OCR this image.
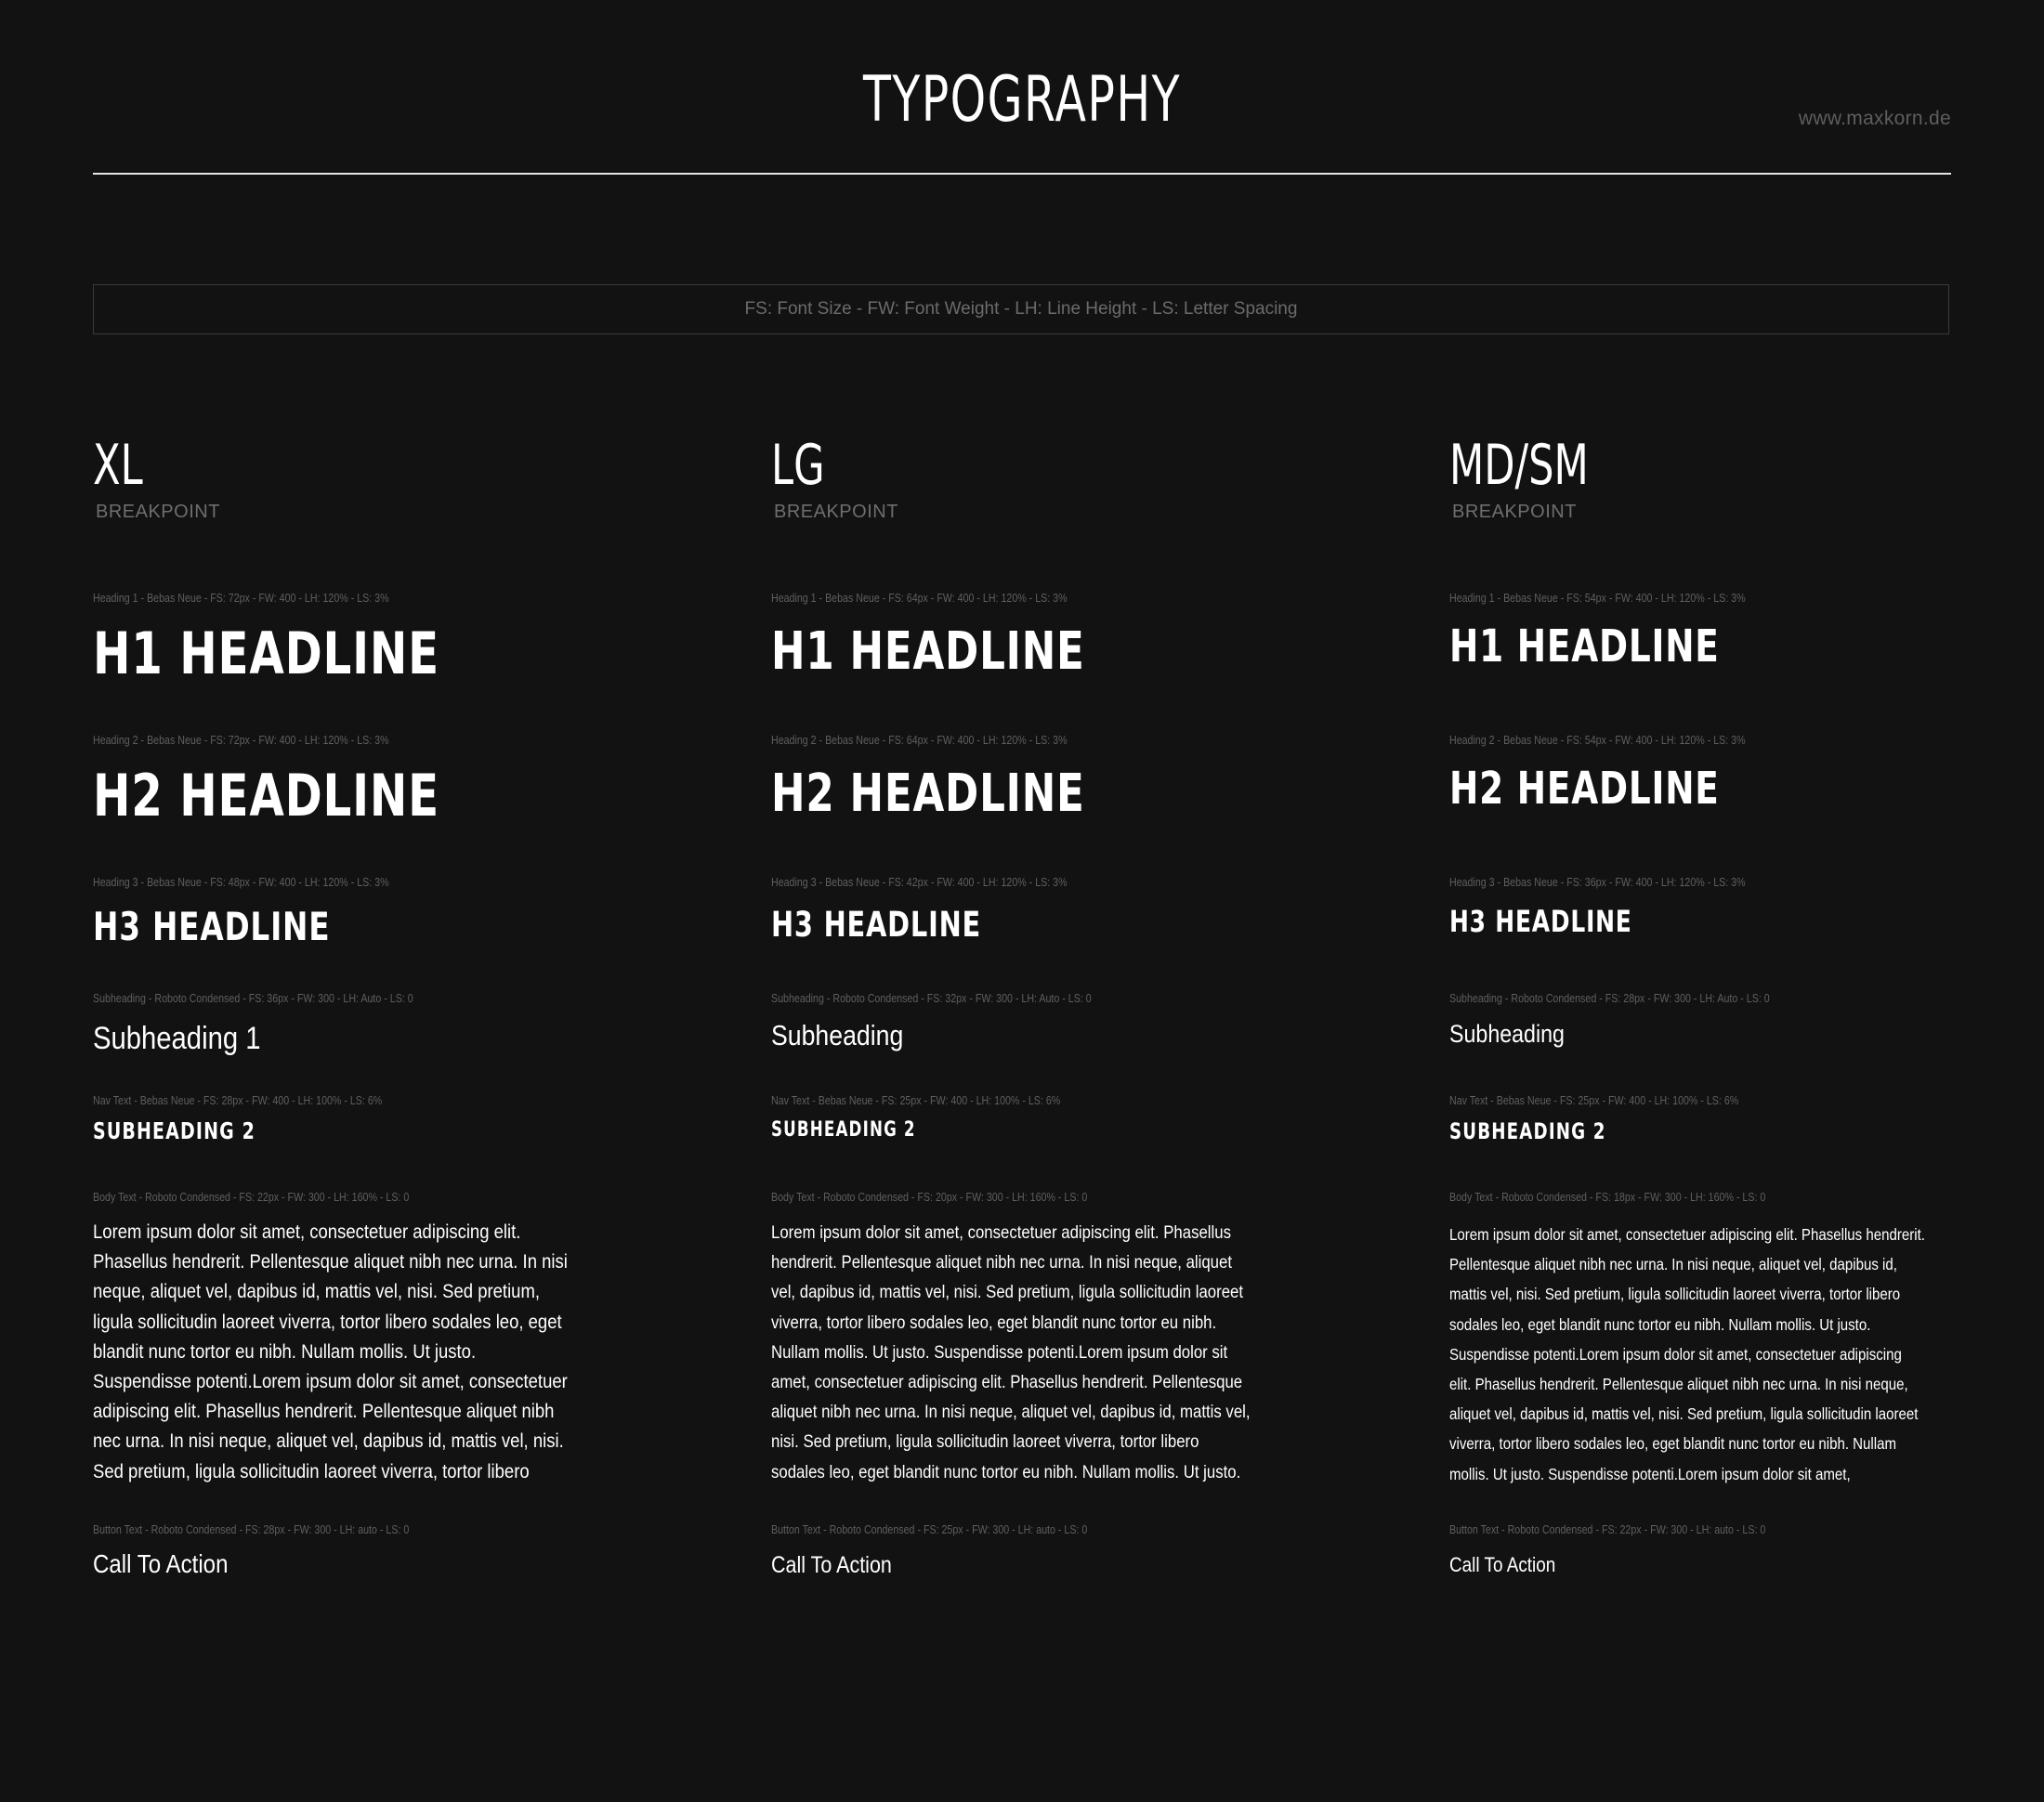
TYPOGRAPHY	www.maxkorn.de
FS: Font Size - FW: Font Weight - LH: Line Height - LS: Letter Spacing
XL
BREAKPOINT
Heading 1 - Bebas Neue - FS: 72px - FW: 400 - LH: 120% - LS: 3%
H1 HEADLINE
Heading 2 - Bebas Neue - FS: 72px - FW: 400 - LH: 120% - LS: 3%
H2 HEADLINE
Heading 3 - Bebas Neue - FS: 48px - FW: 400 - LH: 120% - LS: 3%
H3 HEADLINE
Subheading - Roboto Condensed - FS: 36px - FW: 300 - LH: Auto - LS: 0
Subheading 1
Nav Text - Bebas Neue - FS: 28px - FW: 400 - LH: 100% - LS: 6%
SUBHEADING 2
Body Text - Roboto Condensed - FS: 22px - FW: 300 - LH: 160% - LS: 0
Lorem ipsum dolor sit amet, consectetuer adipiscing elit.
Phasellus hendrerit. Pellentesque aliquet nibh nec urna. In nisi
neque, aliquet vel, dapibus id, mattis vel, nisi. Sed pretium,
ligula sollicitudin laoreet viverra, tortor libero sodales leo, eget
blandit nunc tortor eu nibh. Nullam mollis. Ut justo.
Suspendisse potenti.Lorem ipsum dolor sit amet, consectetuer
adipiscing elit. Phasellus hendrerit. Pellentesque aliquet nibh
nec urna. In nisi neque, aliquet vel, dapibus id, mattis vel, nisi.
Sed pretium, ligula sollicitudin laoreet viverra, tortor libero
Button Text - Roboto Condensed - FS: 28px - FW: 300 - LH: auto - LS: 0
Call To Action
LG
BREAKPOINT
Heading 1 - Bebas Neue - FS: 64px - FW: 400 - LH: 120% - LS: 3%
H1 HEADLINE
Heading 2 - Bebas Neue - FS: 64px - FW: 400 - LH: 120% - LS: 3%
H2 HEADLINE
Heading 3 - Bebas Neue - FS: 42px - FW: 400 - LH: 120% - LS: 3%
H3 HEADLINE
Subheading - Roboto Condensed - FS: 32px - FW: 300 - LH: Auto - LS: 0
Subheading
Nav Text - Bebas Neue - FS: 25px - FW: 400 - LH: 100% - LS: 6%
SUBHEADING 2
Body Text - Roboto Condensed - FS: 20px - FW: 300 - LH: 160% - LS: 0
Lorem ipsum dolor sit amet, consectetuer adipiscing elit. Phasellus
hendrerit. Pellentesque aliquet nibh nec urna. In nisi neque, aliquet
vel, dapibus id, mattis vel, nisi. Sed pretium, ligula sollicitudin laoreet
viverra, tortor libero sodales leo, eget blandit nunc tortor eu nibh.
Nullam mollis. Ut justo. Suspendisse potenti.Lorem ipsum dolor sit
amet, consectetuer adipiscing elit. Phasellus hendrerit. Pellentesque
aliquet nibh nec urna. In nisi neque, aliquet vel, dapibus id, mattis vel,
nisi. Sed pretium, ligula sollicitudin laoreet viverra, tortor libero
sodales leo, eget blandit nunc tortor eu nibh. Nullam mollis. Ut justo.
Button Text - Roboto Condensed - FS: 25px - FW: 300 - LH: auto - LS: 0
Call To Action
MD/SM
BREAKPOINT
Heading 1 - Bebas Neue - FS: 54px - FW: 400 - LH: 120% - LS: 3%
H1 HEADLINE
Heading 2 - Bebas Neue - FS: 54px - FW: 400 - LH: 120% - LS: 3%
H2 HEADLINE
Heading 3 - Bebas Neue - FS: 36px - FW: 400 - LH: 120% - LS: 3%
H3 HEADLINE
Subheading - Roboto Condensed - FS: 28px - FW: 300 - LH: Auto - LS: 0
Subheading
Nav Text - Bebas Neue - FS: 25px - FW: 400 - LH: 100% - LS: 6%
SUBHEADING 2
Body Text - Roboto Condensed - FS: 18px - FW: 300 - LH: 160% - LS: 0
Lorem ipsum dolor sit amet, consectetuer adipiscing elit. Phasellus hendrerit.
Pellentesque aliquet nibh nec urna. In nisi neque, aliquet vel, dapibus id,
mattis vel, nisi. Sed pretium, ligula sollicitudin laoreet viverra, tortor libero
sodales leo, eget blandit nunc tortor eu nibh. Nullam mollis. Ut justo.
Suspendisse potenti.Lorem ipsum dolor sit amet, consectetuer adipiscing
elit. Phasellus hendrerit. Pellentesque aliquet nibh nec urna. In nisi neque,
aliquet vel, dapibus id, mattis vel, nisi. Sed pretium, ligula sollicitudin laoreet
viverra, tortor libero sodales leo, eget blandit nunc tortor eu nibh. Nullam
mollis. Ut justo. Suspendisse potenti.Lorem ipsum dolor sit amet,
Button Text - Roboto Condensed - FS: 22px - FW: 300 - LH: auto - LS: 0
Call To Action
